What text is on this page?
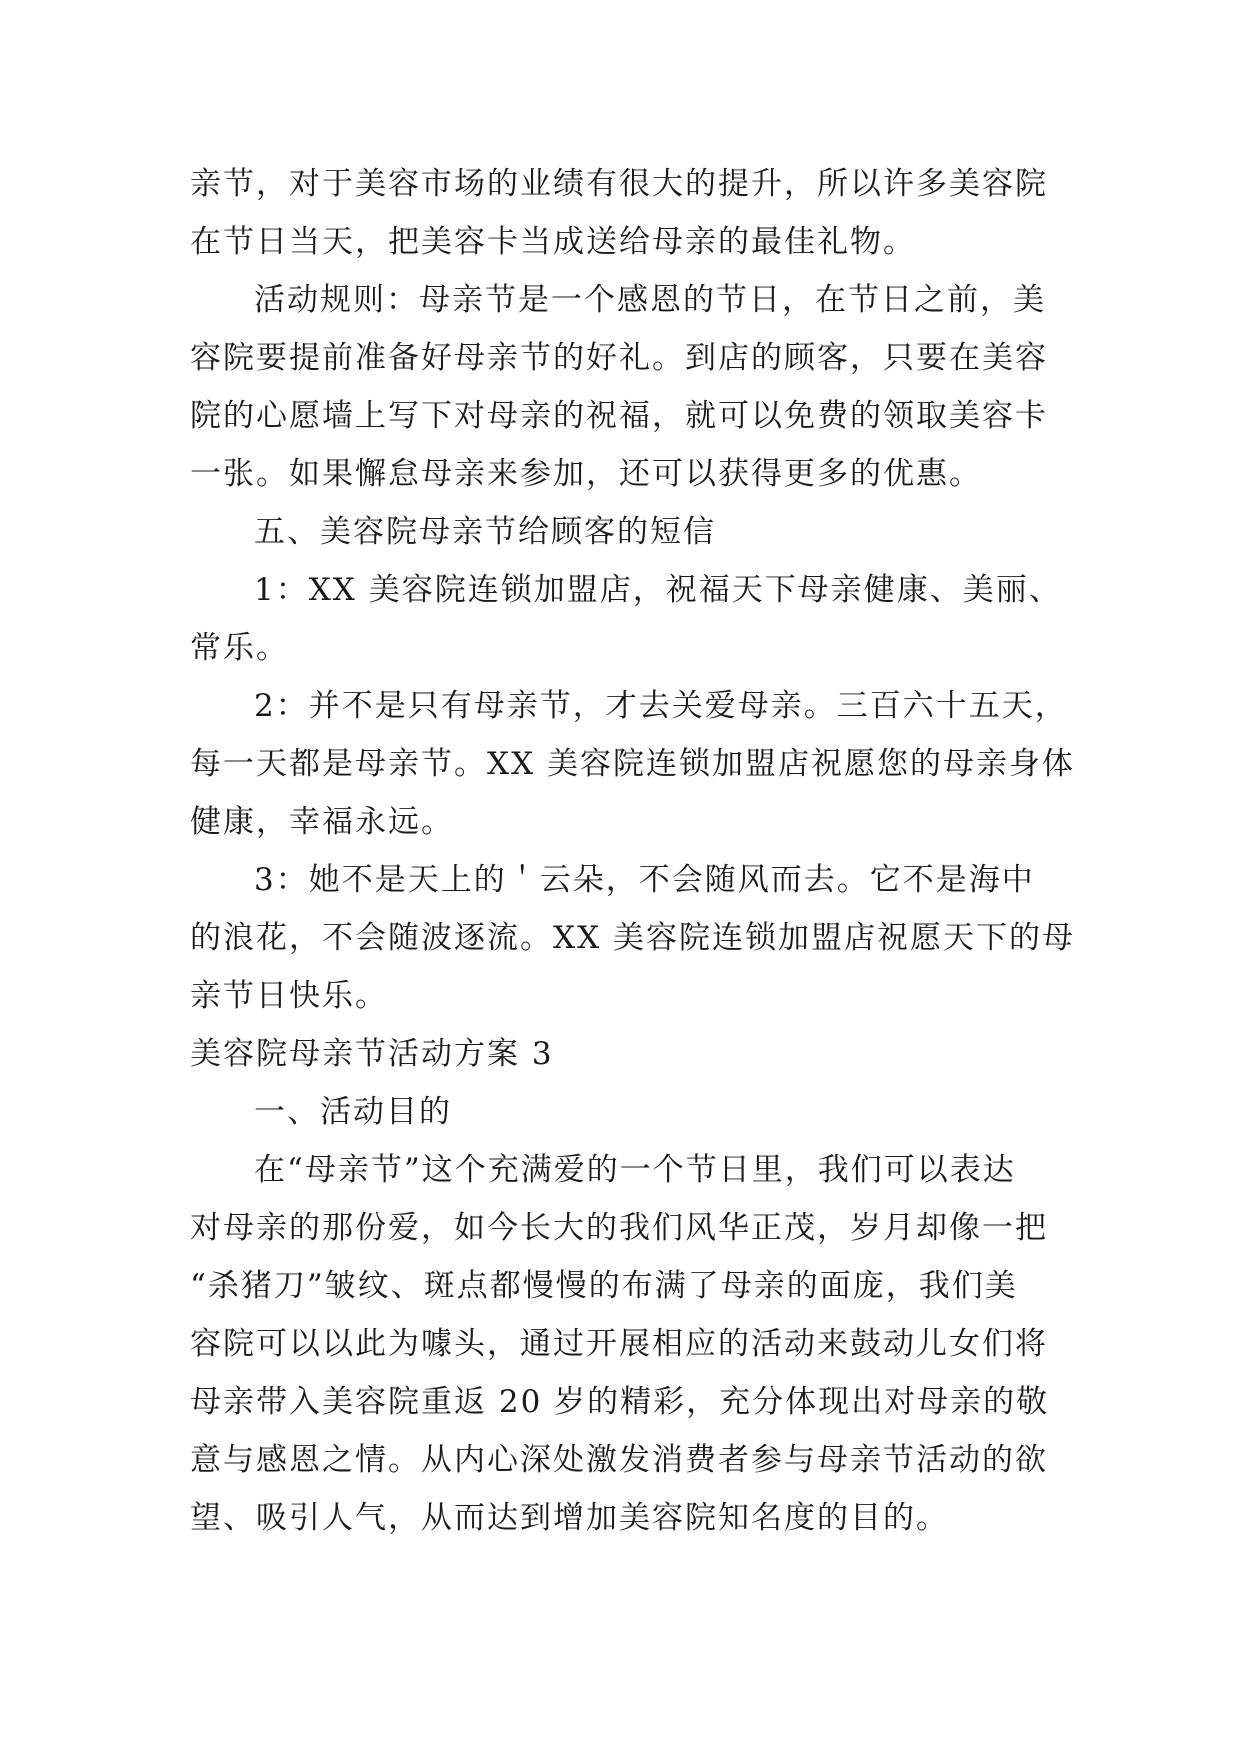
亲节，对于美容市场的业绩有很大的提升，所以许多美容院
在节日当天，把美容卡当成送给母亲的最佳礼物。
活动规则：母亲节是一个感恩的节日，在节日之前，美
容院要提前准备好母亲节的好礼。到店的顾客，只要在美容
院的心愿墙上写下对母亲的祝福，就可以免费的领取美容卡
一张。如果懈怠母亲来参加，还可以获得更多的优惠。
五、美容院母亲节给顾客的短信
1：XX 美容院连锁加盟店，祝福天下母亲健康、美丽、
常乐。
2：并不是只有母亲节，才去关爱母亲。三百六十五天，
每一天都是母亲节。XX 美容院连锁加盟店祝愿您的母亲身体
健康，幸福永远。
3：她不是天上的＇云朵，不会随风而去。它不是海中
的浪花，不会随波逐流。XX 美容院连锁加盟店祝愿天下的母
亲节日快乐。
美容院母亲节活动方案 3
一、活动目的
在“母亲节”这个充满爱的一个节日里，我们可以表达
对母亲的那份爱，如今长大的我们风华正茂，岁月却像一把
“杀猪刀”皱纹、斑点都慢慢的布满了母亲的面庞，我们美
容院可以以此为噱头，通过开展相应的活动来鼓动儿女们将
母亲带入美容院重返 20 岁的精彩，充分体现出对母亲的敬
意与感恩之情。从内心深处激发消费者参与母亲节活动的欲
望、吸引人气，从而达到增加美容院知名度的目的。
